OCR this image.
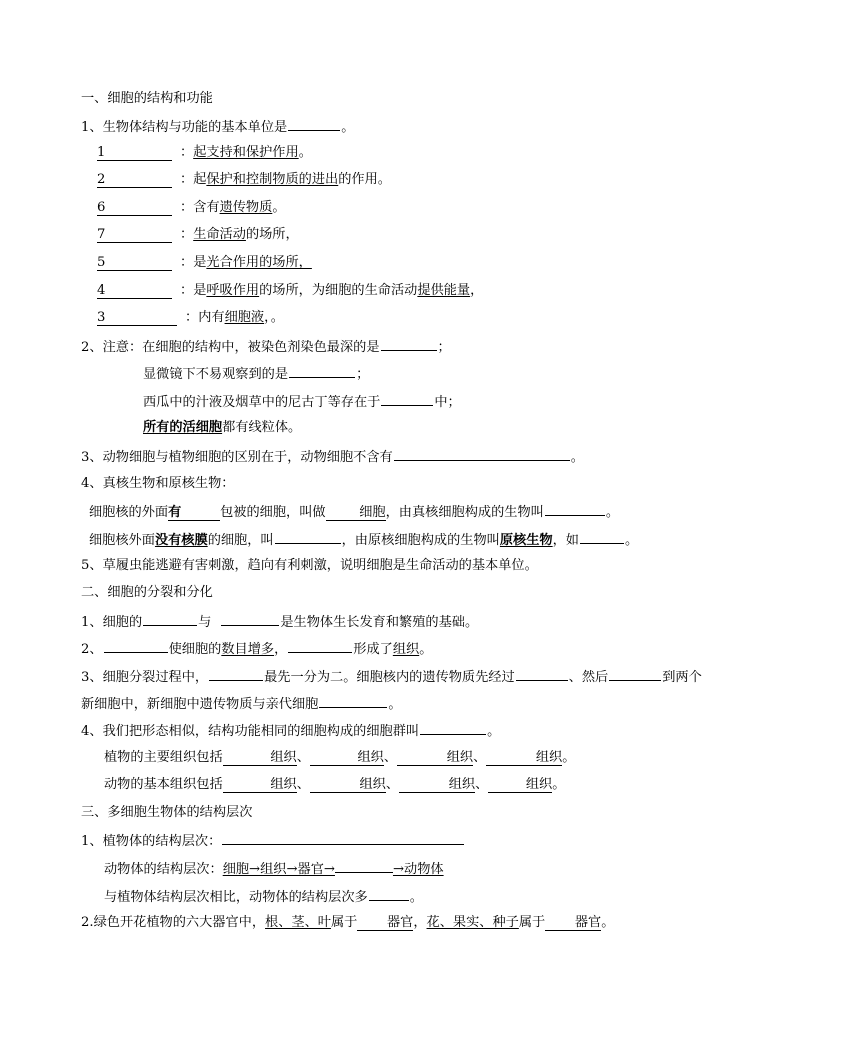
一、细胞的结构和功能
1、生物体结构与功能的基本单位是	。
1	：起支持和保护作用。
2	：起保护和控制物质的进出的作用。
6	：含有遗传物质。
7	：生命活动的场所，
5	：是光合作用的场所，
4	：是呼吸作用的场所，为细胞的生命活动提供能量，
3	：内有细胞液，。
2、注意：在细胞的结构中，被染色剂染色最深的是	；
显微镜下不易观察到的是	；
西瓜中的汁液及烟草中的尼古丁等存在于	中；
所有的活细胞都有线粒体。
3、动物细胞与植物细胞的区别在于，动物细胞不含有	。
4、真核生物和原核生物：
细胞核的外面有	包被的细胞，叫做	细胞，由真核细胞构成的生物叫	。
细胞核外面没有核膜的细胞，叫	，由原核细胞构成的生物叫原核生物，如	。
5、草履虫能逃避有害刺激，趋向有利刺激，说明细胞是生命活动的基本单位。
二、细胞的分裂和分化
1、细胞的	与	是生物体生长发育和繁殖的基础。
2、	使细胞的数目增多，	形成了组织。
3、细胞分裂过程中，	最先一分为二。细胞核内的遗传物质先经过	、然后	到两个
新细胞中，新细胞中遗传物质与亲代细胞	。
4、我们把形态相似，结构功能相同的细胞构成的细胞群叫	。
植物的主要组织包括	组织、	组织、	组织、	组织。
动物的基本组织包括	组织、	组织、	组织、	组织。
三、多细胞生物体的结构层次
1、植物体的结构层次：
动物体的结构层次：细胞→组织→器官→	→动物体
与植物体结构层次相比，动物体的结构层次多	。
2.绿色开花植物的六大器官中，根、茎、叶属于 器官，花、果实、种子属于 器官。
